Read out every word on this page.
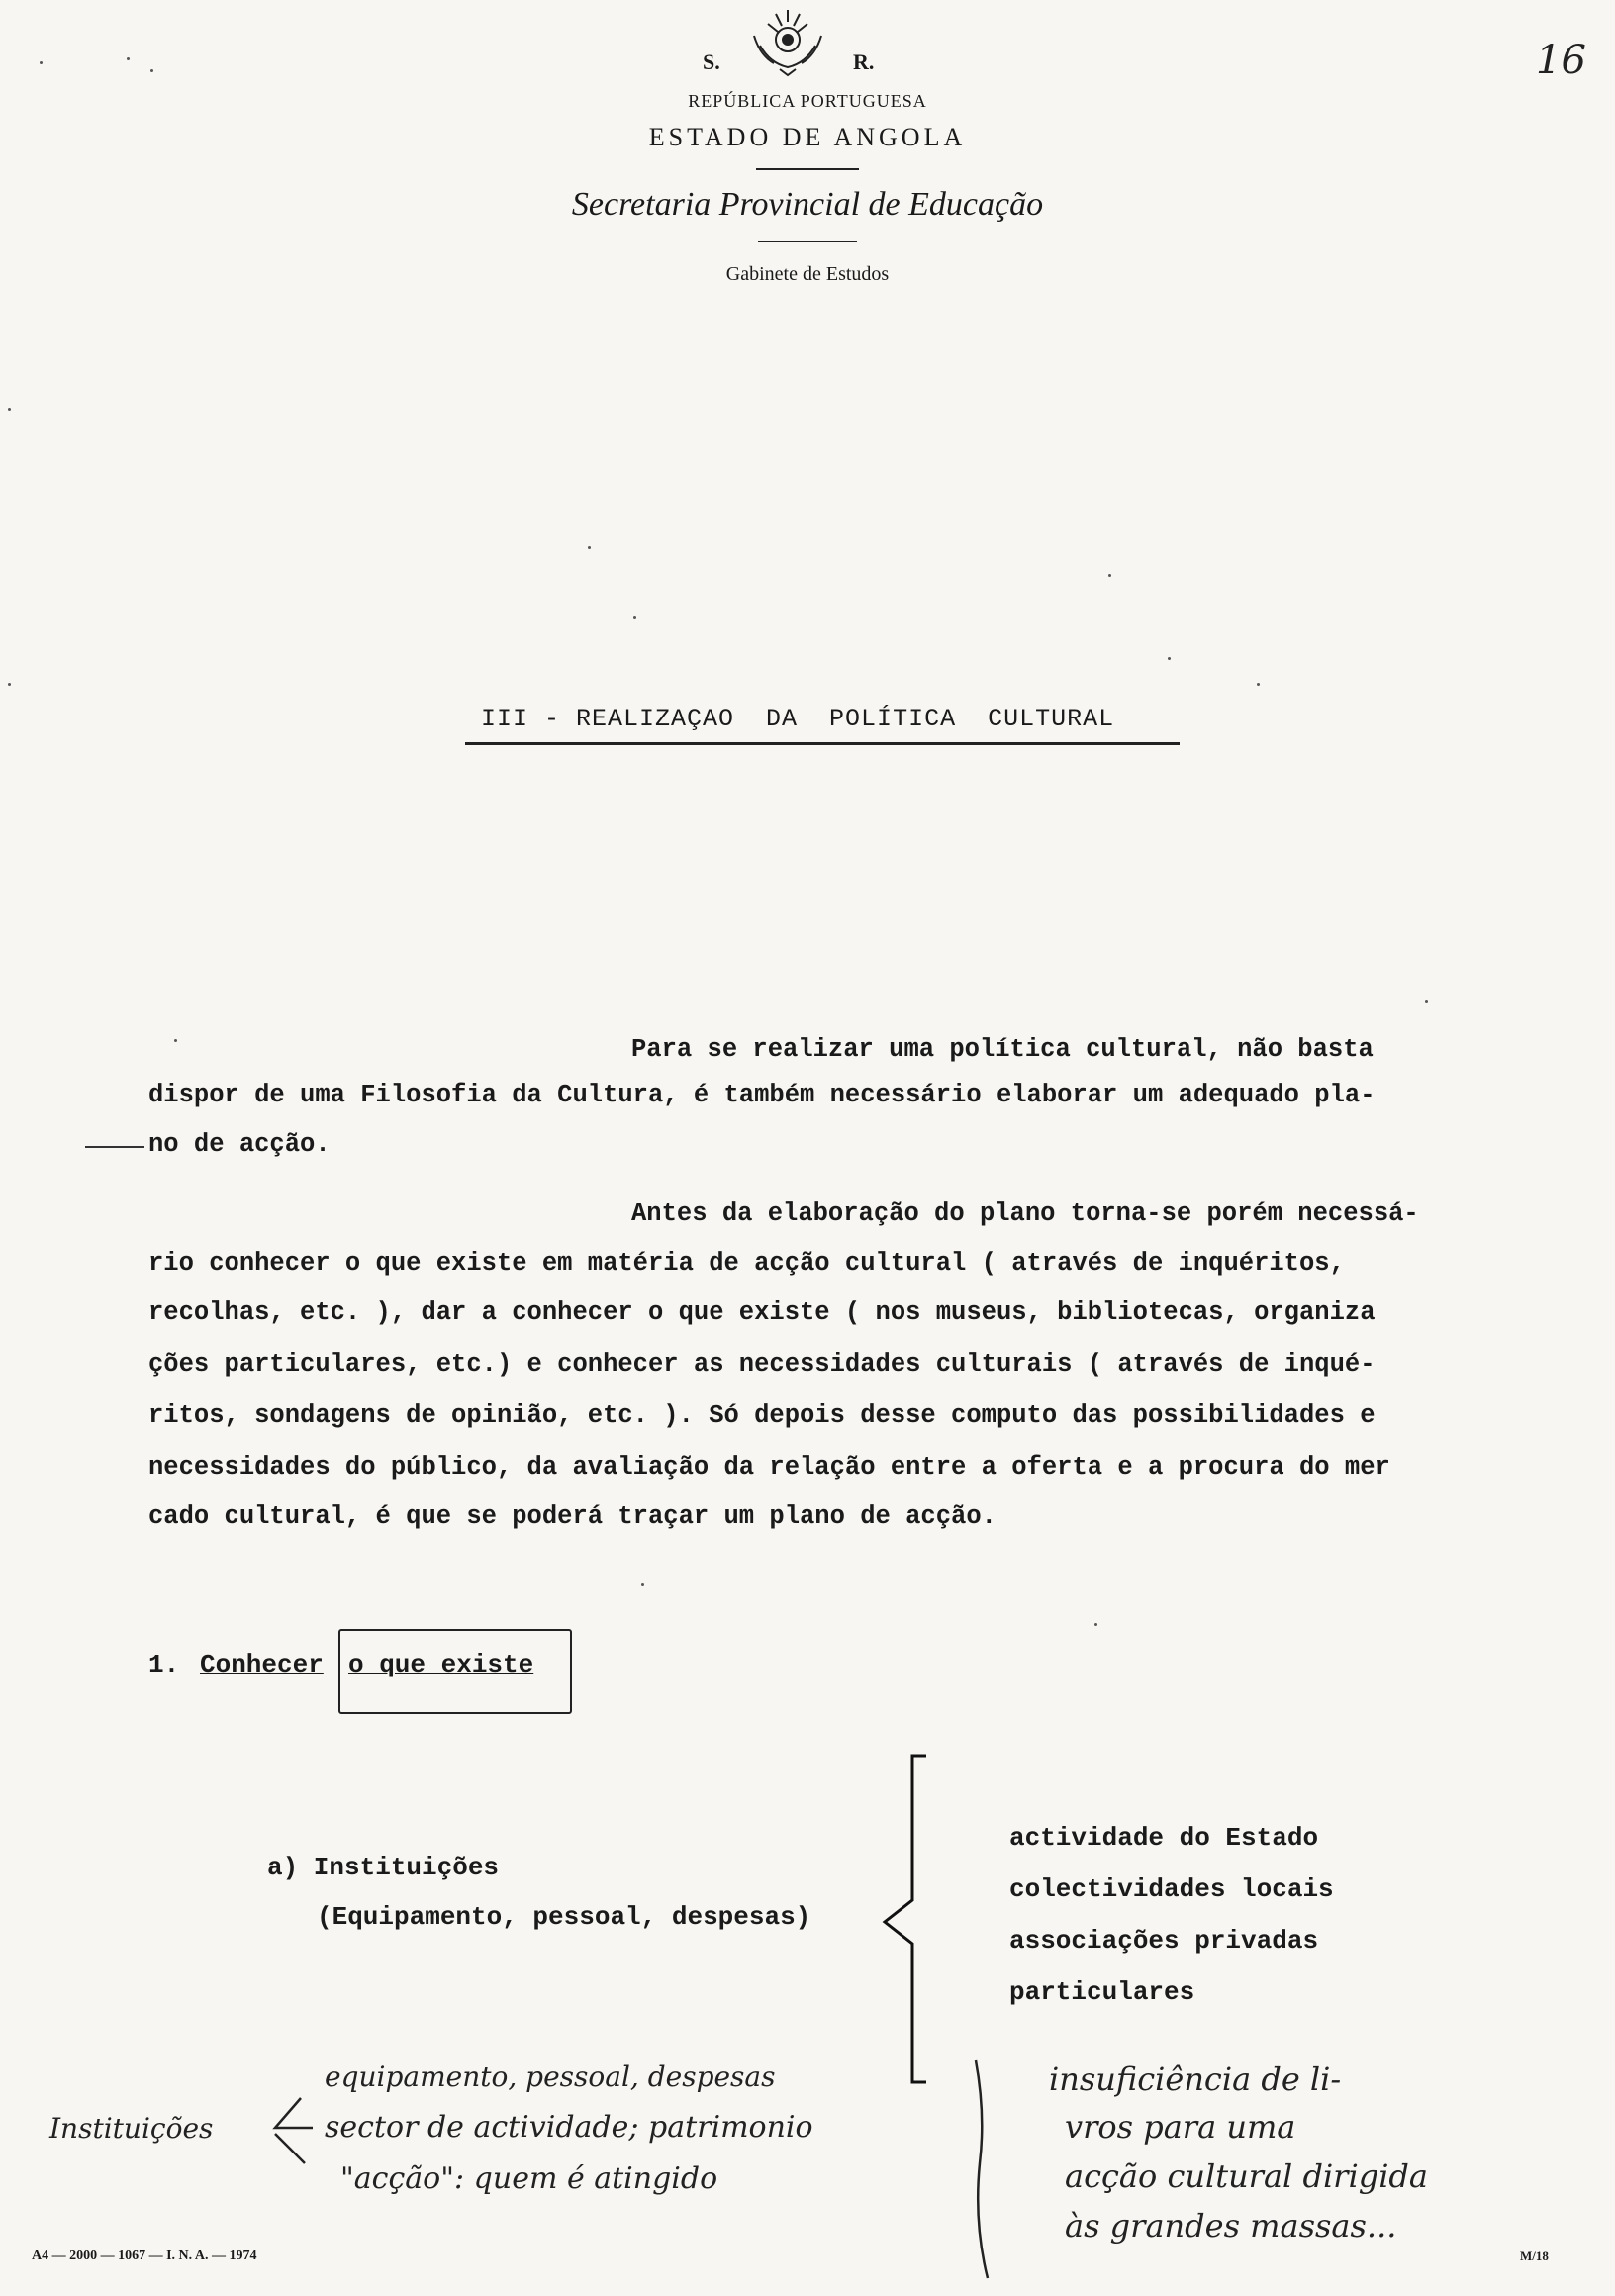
S.	R.
REPÚBLICA PORTUGUESA
ESTADO DE ANGOLA
Secretaria Provincial de Educação
Gabinete de Estudos
16
III - REALIZAÇAO  DA  POLÍTICA  CULTURAL
Para se realizar uma política cultural, não basta
dispor de uma Filosofia da Cultura, é também necessário elaborar um adequado pla-
no de acção.
Antes da elaboração do plano torna-se porém necessá-
rio conhecer o que existe em matéria de acção cultural ( através de inquéritos,
recolhas, etc. ), dar a conhecer o que existe ( nos museus, bibliotecas, organiza
ções particulares, etc.) e conhecer as necessidades culturais ( através de inqué-
ritos, sondagens de opinião, etc. ). Só depois desse computo das possibilidades e
necessidades do público, da avaliação da relação entre a oferta e a procura do mer
cado cultural, é que se poderá traçar um plano de acção.
1. Conhecer o que existe
a) Instituições
(Equipamento, pessoal, despesas)
actividade do Estado
colectividades locais
associações privadas
particulares
Instituições
equipamento, pessoal, despesas
sector de actividade; patrimonio
"acção": quem é atingido
insuficiência de li-
vros para uma
acção cultural dirigida
às grandes massas...
A4 — 2000 — 1067 — I. N. A. — 1974	M/18
